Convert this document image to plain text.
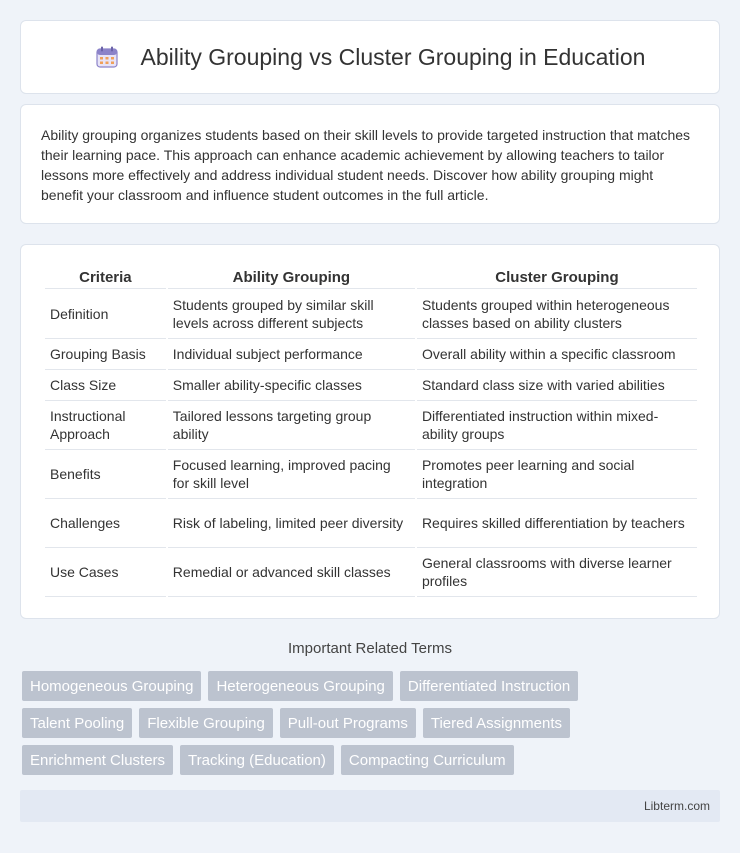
Ability Grouping vs Cluster Grouping in Education

Ability grouping organizes students based on their skill levels to provide targeted instruction that matches their learning pace. This approach can enhance academic achievement by allowing teachers to tailor lessons more effectively and address individual student needs. Discover how ability grouping might benefit your classroom and influence student outcomes in the full article.

Criteria	Ability Grouping	Cluster Grouping
Definition	Students grouped by similar skill levels across different subjects	Students grouped within heterogeneous classes based on ability clusters
Grouping Basis	Individual subject performance	Overall ability within a specific classroom
Class Size	Smaller ability-specific classes	Standard class size with varied abilities
Instructional Approach	Tailored lessons targeting group ability	Differentiated instruction within mixed-ability groups
Benefits	Focused learning, improved pacing for skill level	Promotes peer learning and social integration
Challenges	Risk of labeling, limited peer diversity	Requires skilled differentiation by teachers
Use Cases	Remedial or advanced skill classes	General classrooms with diverse learner profiles
Important Related Terms
Homogeneous Grouping	Heterogeneous Grouping	Differentiated Instruction
Talent Pooling	Flexible Grouping	Pull-out Programs	Tiered Assignments
Enrichment Clusters	Tracking (Education)	Compacting Curriculum
Libterm.com
